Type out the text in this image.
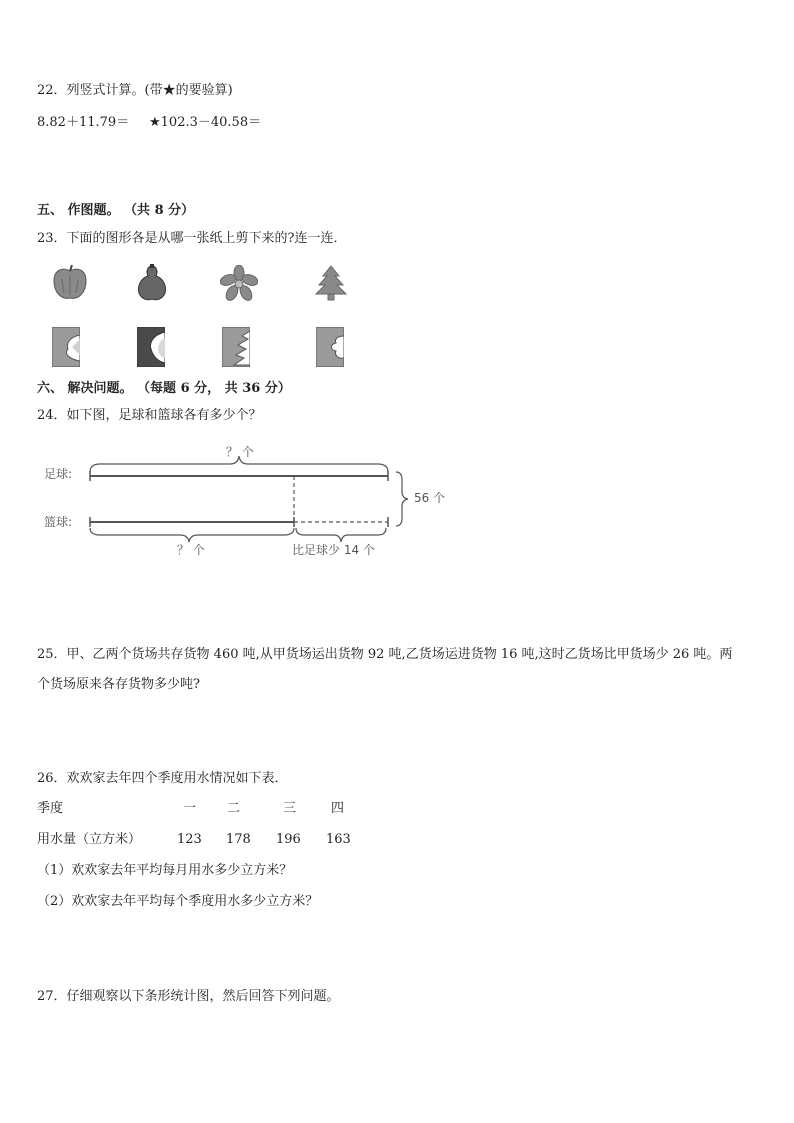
22．列竖式计算。(带★的要验算)
8.82＋11.79＝ ★102.3－40.58＝
五、 作图题。 （共 8 分）
23．下面的图形各是从哪一张纸上剪下来的?连一连．
六、 解决问题。 （每题 6 分， 共 36 分）
24．如下图，足球和篮球各有多少个？
足球:
？ 个
篮球:
？ 个	比足球少 14 个
56 个
25．甲、乙两个货场共存货物 460 吨,从甲货场运出货物 92 吨,乙货场运进货物 16 吨,这时乙货场比甲货场少 26 吨。两
个货场原来各存货物多少吨?
26．欢欢家去年四个季度用水情况如下表．
季度	一 二	三	四
用水量（立方米）	123 178 196 163
（1）欢欢家去年平均每月用水多少立方米？
（2）欢欢家去年平均每个季度用水多少立方米？
27．仔细观察以下条形统计图，然后回答下列问题。
